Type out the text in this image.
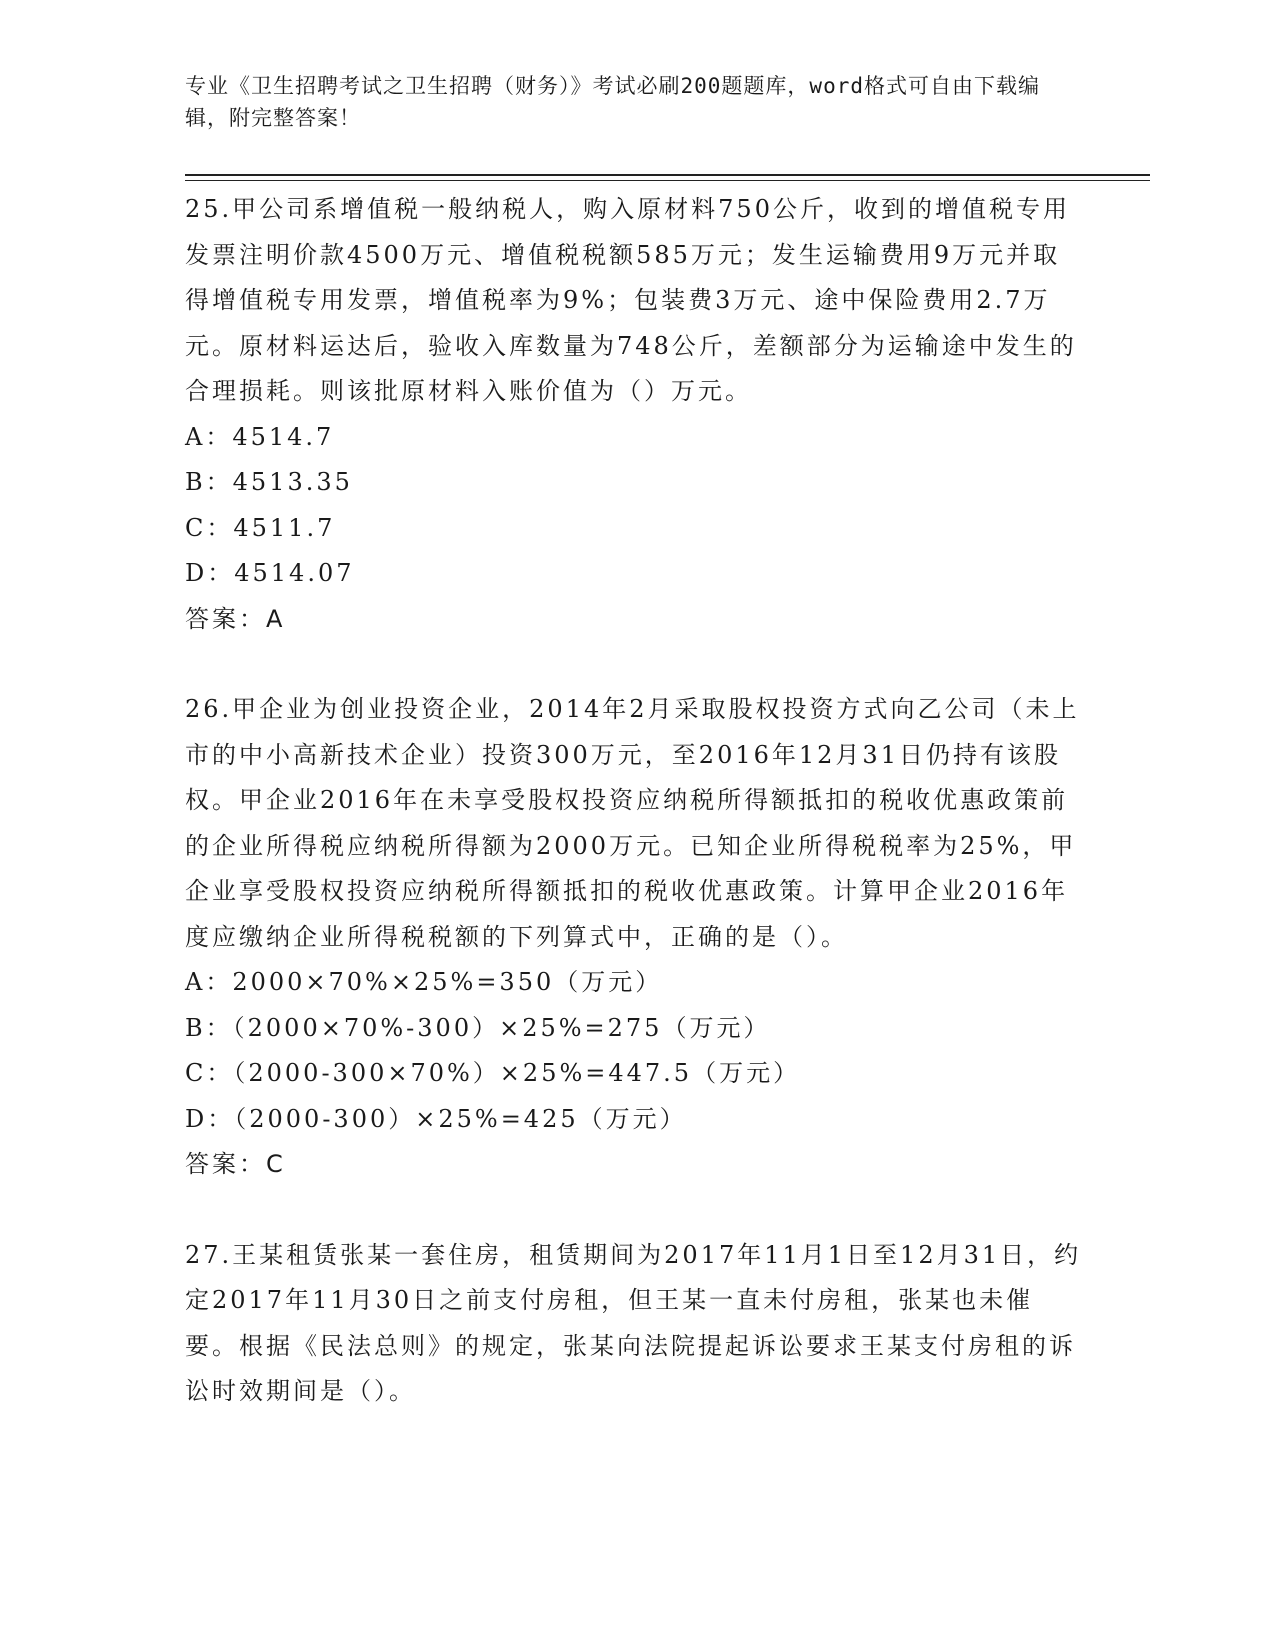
专业《卫生招聘考试之卫生招聘（财务）》考试必刷200题题库，word格式可自由下载编辑，附完整答案！

25.甲公司系增值税一般纳税人，购入原材料750公斤，收到的增值税专用发票注明价款4500万元、增值税税额585万元；发生运输费用9万元并取得增值税专用发票，增值税率为9%；包装费3万元、途中保险费用2.7万元。原材料运达后，验收入库数量为748公斤，差额部分为运输途中发生的合理损耗。则该批原材料入账价值为（）万元。

A：4514.7

B：4513.35

C：4511.7

D：4514.07

答案：A

26.甲企业为创业投资企业，2014年2月采取股权投资方式向乙公司（未上市的中小高新技术企业）投资300万元，至2016年12月31日仍持有该股权。甲企业2016年在未享受股权投资应纳税所得额抵扣的税收优惠政策前的企业所得税应纳税所得额为2000万元。已知企业所得税税率为25%，甲企业享受股权投资应纳税所得额抵扣的税收优惠政策。计算甲企业2016年度应缴纳企业所得税税额的下列算式中，正确的是（）。

A：2000×70%×25%=350（万元）

B：（2000×70%-300）×25%=275（万元）

C：（2000-300×70%）×25%=447.5（万元）

D：（2000-300）×25%=425（万元）

答案：C

27.王某租赁张某一套住房，租赁期间为2017年11月1日至12月31日，约定2017年11月30日之前支付房租，但王某一直未付房租，张某也未催要。根据《民法总则》的规定，张某向法院提起诉讼要求王某支付房租的诉讼时效期间是（）。
